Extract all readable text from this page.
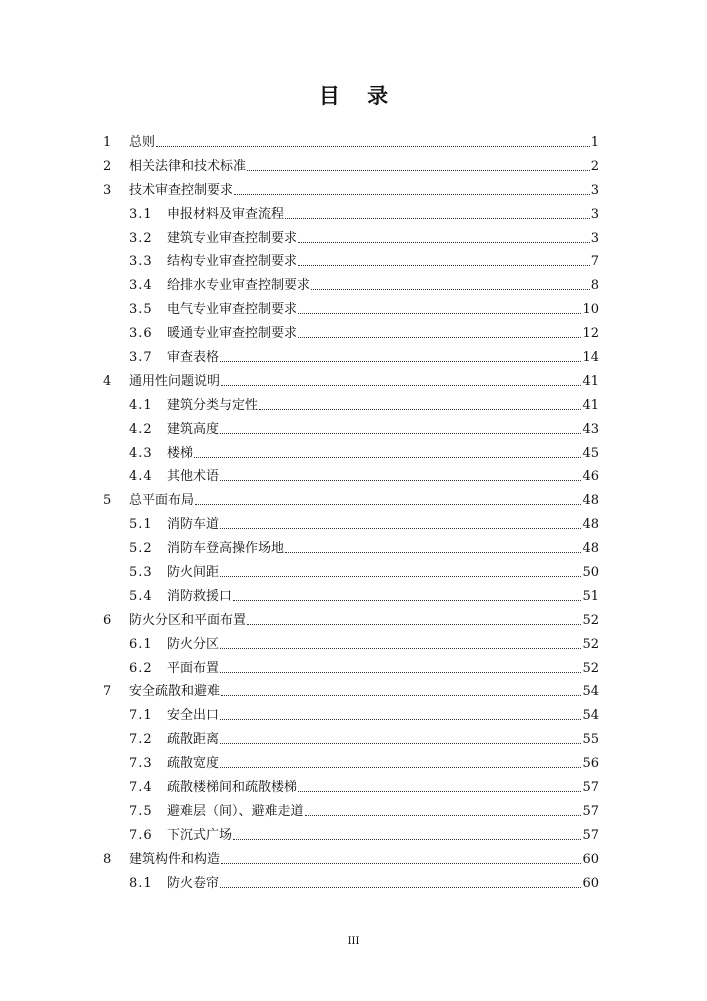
目 录
1 总则	1
2 相关法律和技术标准	2
3 技术审查控制要求	3
3.1 申报材料及审查流程	3
3.2 建筑专业审查控制要求	3
3.3 结构专业审查控制要求	7
3.4 给排水专业审查控制要求	8
3.5 电气专业审查控制要求	10
3.6 暖通专业审查控制要求	12
3.7 审查表格	14
4 通用性问题说明	41
4.1 建筑分类与定性	41
4.2 建筑高度	43
4.3 楼梯	45
4.4 其他术语	46
5 总平面布局	48
5.1 消防车道	48
5.2 消防车登高操作场地	48
5.3 防火间距	50
5.4 消防救援口	51
6 防火分区和平面布置	52
6.1 防火分区	52
6.2 平面布置	52
7 安全疏散和避难	54
7.1 安全出口	54
7.2 疏散距离	55
7.3 疏散宽度	56
7.4 疏散楼梯间和疏散楼梯	57
7.5 避难层（间）、避难走道	57
7.6 下沉式广场	57
8 建筑构件和构造	60
8.1 防火卷帘	60
III
